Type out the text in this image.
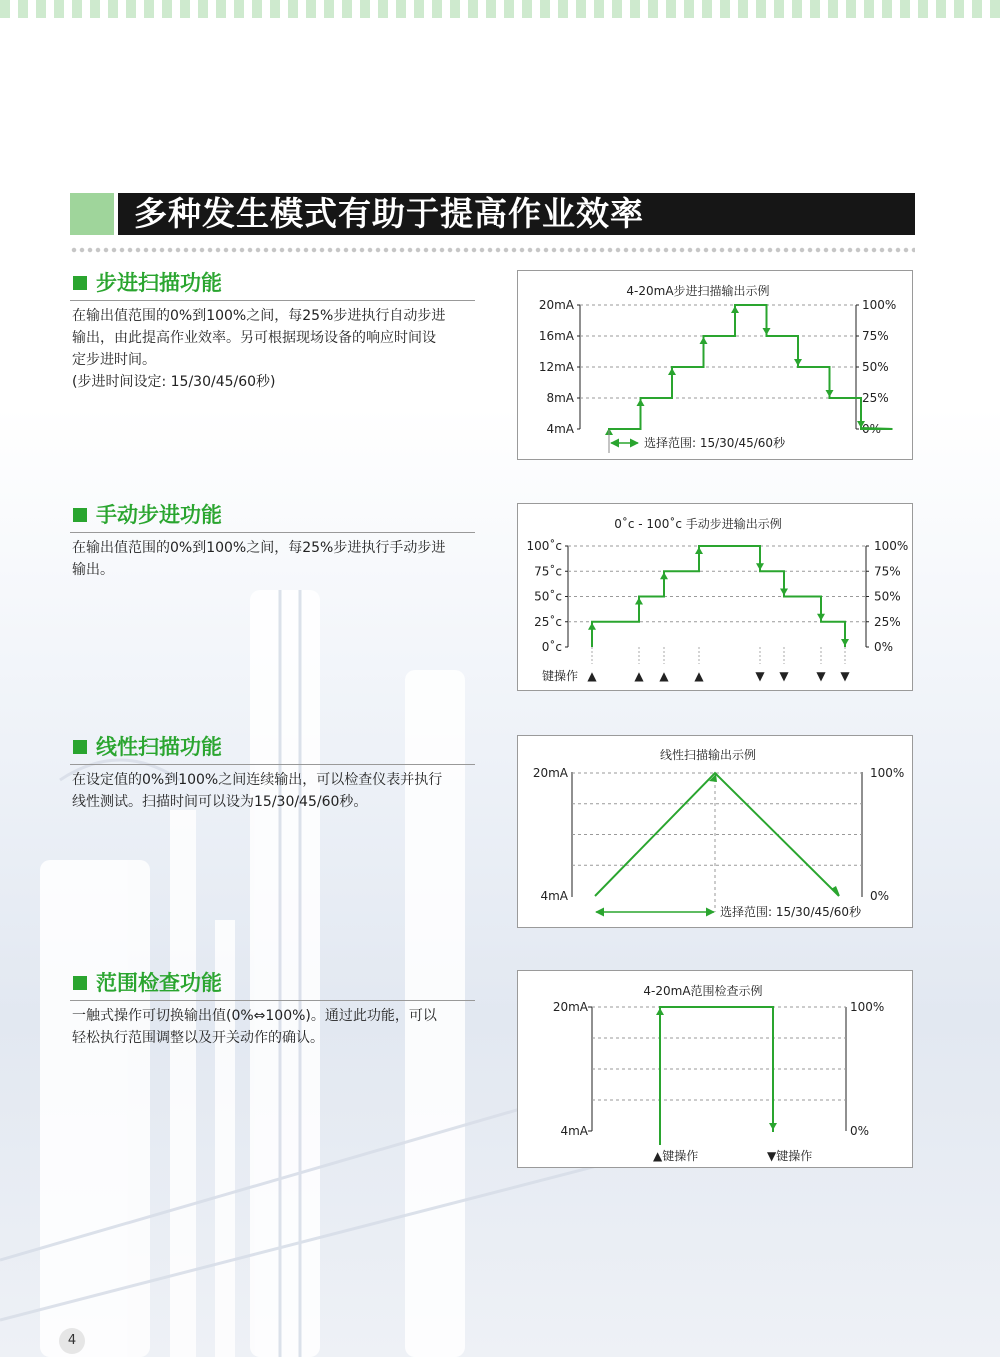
多种发生模式有助于提高作业效率
步进扫描功能

在输出值范围的0%到100%之间，每25%步进执行自动步进

输出，由此提高作业效率。另可根据现场设备的响应时间设

定步进时间。

(步进时间设定: 15/30/45/60秒)

手动步进功能

在输出值范围的0%到100%之间，每25%步进执行手动步进

输出。

线性扫描功能

在设定值的0%到100%之间连续输出，可以检查仪表并执行

线性测试。扫描时间可以设为15/30/45/60秒。

范围检查功能

一触式操作可切换输出值(0%⇔100%)。通过此功能，可以

轻松执行范围调整以及开关动作的确认。

4-20mA步进扫描输出示例
20mA
16mA
12mA
8mA
4mA
100%
75%
50%
25%
0%
选择范围: 15/30/45/60秒
0˚c - 100˚c 手动步进输出示例
100˚c
75˚c
50˚c
25˚c
0˚c
100%
75%
50%
25%
0%
键操作 ▲	▲ ▲ ▲	▼ ▼ ▼ ▼
线性扫描输出示例
20mA
4mA
100%
0%
选择范围: 15/30/45/60秒
4-20mA范围检查示例
20mA
4mA
100%
0%
▲键操作	▼键操作
4
